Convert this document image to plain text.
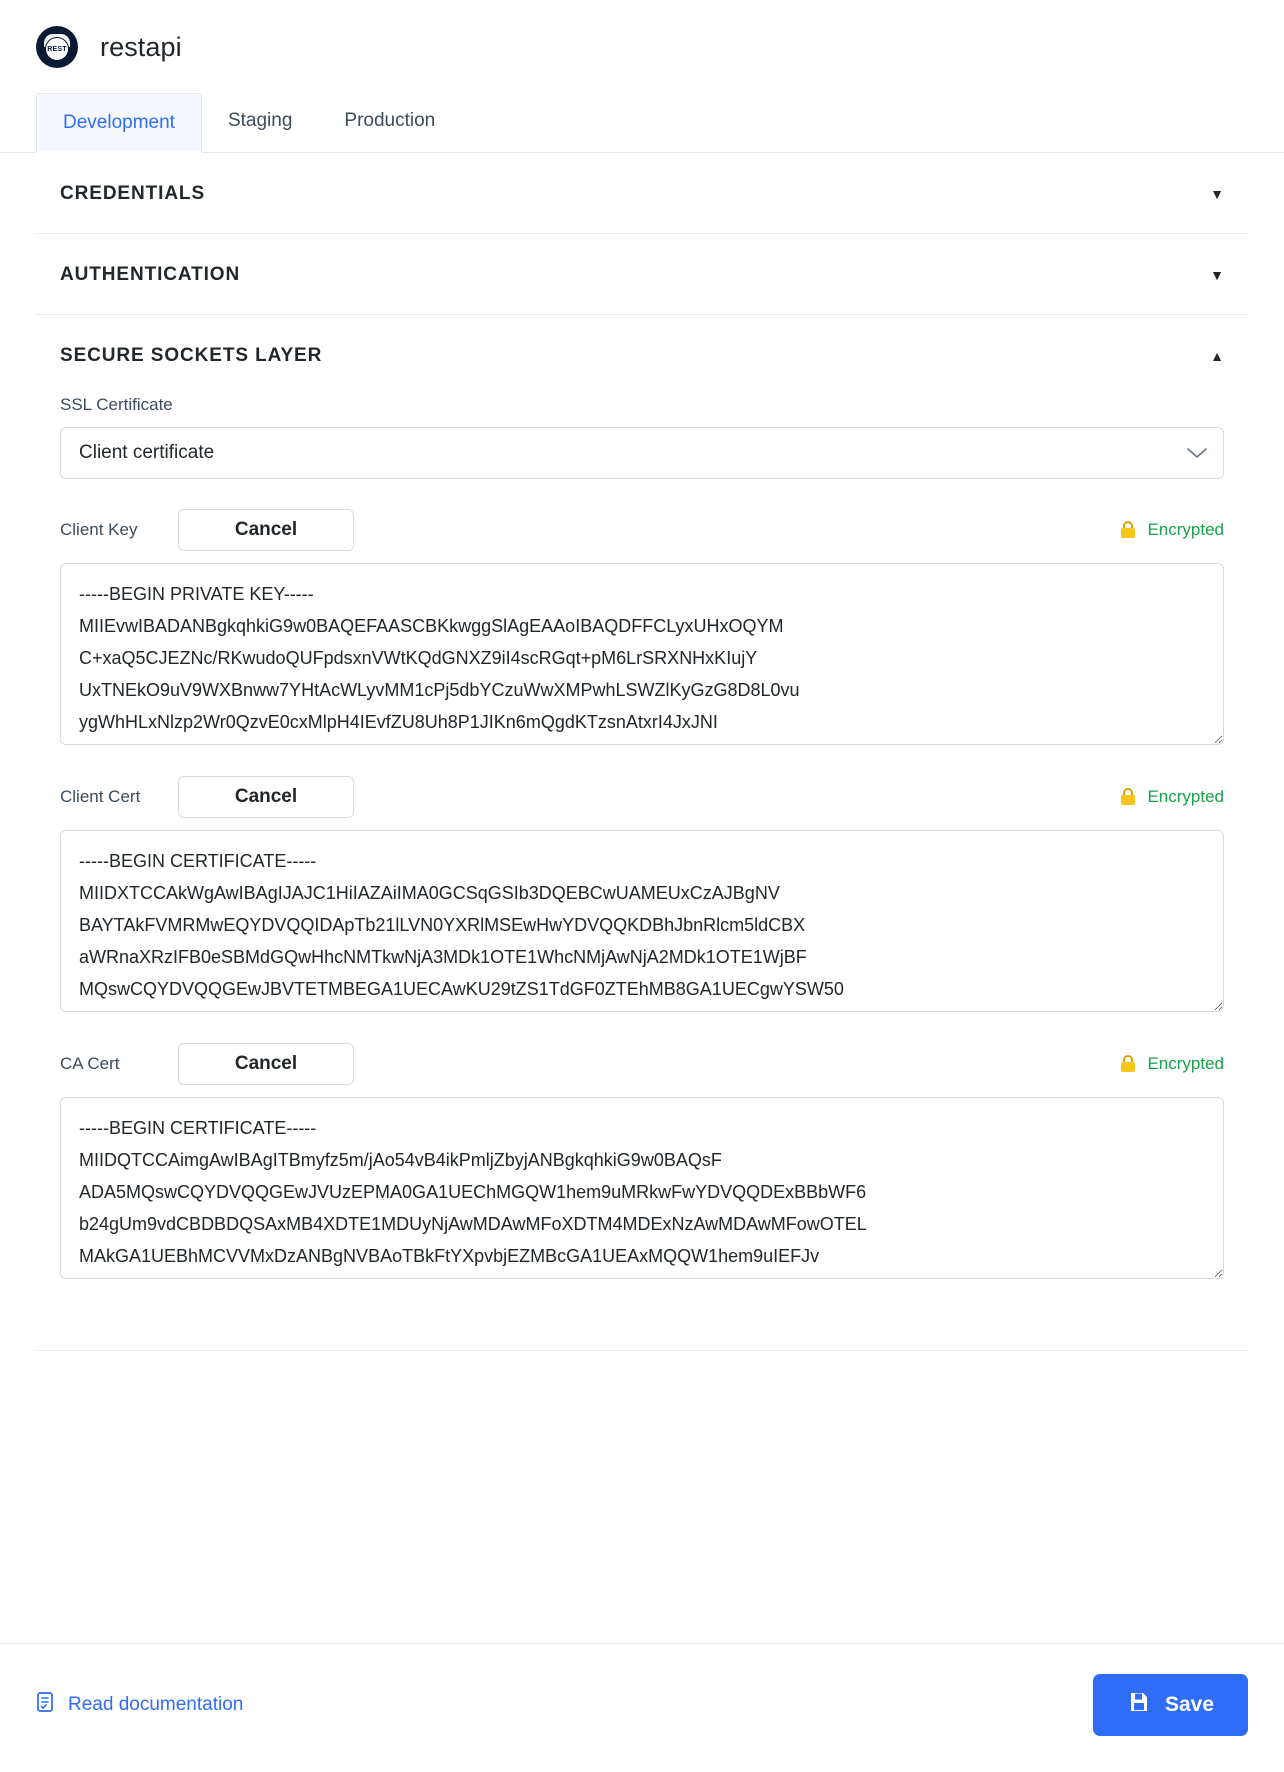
REST restapi
Development	Staging	Production
CREDENTIALS	▼
AUTHENTICATION	▼
SECURE SOCKETS LAYER	▲
SSL Certificate
Client certificate
Client Key	Cancel	Encrypted
-----BEGIN PRIVATE KEY----- MIIEvwIBADANBgkqhkiG9w0BAQEFAASCBKkwggSlAgEAAoIBAQDFFCLyxUHxOQYM C+xaQ5CJEZNc/RKwudoQUFpdsxnVWtKQdGNXZ9iI4scRGqt+pM6LrSRXNHxKIujY UxTNEkO9uV9WXBnww7YHtAcWLyvMM1cPj5dbYCzuWwXMPwhLSWZlKyGzG8D8L0vu ygWhHLxNlzp2Wr0QzvE0cxMlpH4IEvfZU8Uh8P1JIKn6mQgdKTzsnAtxrI4JxJNI I4wq9XvQtZq5axWNWuAWQnXHQWzdMzIQudNp
Client Cert	Cancel	Encrypted
-----BEGIN CERTIFICATE----- MIIDXTCCAkWgAwIBAgIJAJC1HiIAZAiIMA0GCSqGSIb3DQEBCwUAMEUxCzAJBgNV BAYTAkFVMRMwEQYDVQQIDApTb21lLVN0YXRlMSEwHwYDVQQKDBhJbnRlcm5ldCBX aWRnaXRzIFB0eSBMdGQwHhcNMTkwNjA3MDk1OTE1WhcNMjAwNjA2MDk1OTE1WjBF MQswCQYDVQQGEwJBVTETMBEGA1UECAwKU29tZS1TdGF0ZTEhMB8GA1UECgwYSW50 ZXJuZXQgV2lkZ2l0cyBQdHkgTHRkMIIBIjANBgkqhkiG9w0BAQEFAAOCAQ8AMIIB
CA Cert	Cancel	Encrypted
-----BEGIN CERTIFICATE----- MIIDQTCCAimgAwIBAgITBmyfz5m/jAo54vB4ikPmljZbyjANBgkqhkiG9w0BAQsF ADA5MQswCQYDVQQGEwJVUzEPMA0GA1UEChMGQW1hem9uMRkwFwYDVQQDExBBbWF6 b24gUm9vdCBDBDQSAxMB4XDTE1MDUyNjAwMDAwMFoXDTM4MDExNzAwMDAwMFowOTEL MAkGA1UEBhMCVVMxDzANBgNVBAoTBkFtYXpvbjEZMBcGA1UEAxMQQW1hem9uIEFJv b3QgQ0E5MTSSAQIbBQYZKxZIbvaNAQEBBQ
Read documentation	Save
